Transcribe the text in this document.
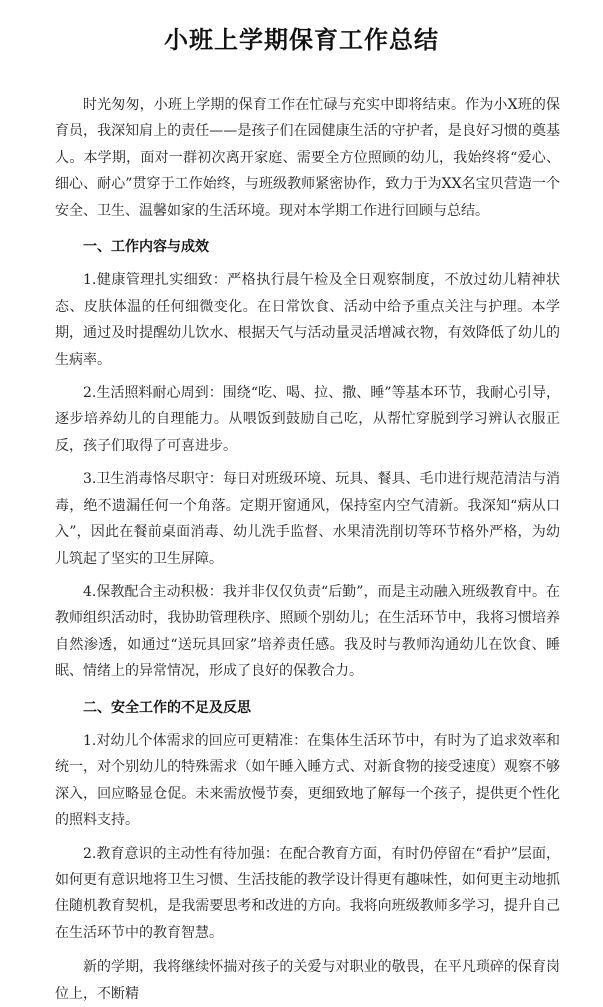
小班上学期保育工作总结

时光匆匆，小班上学期的保育工作在忙碌与充实中即将结束。作为小X班的保育员，我深知肩上的责任——是孩子们在园健康生活的守护者，是良好习惯的奠基人。本学期，面对一群初次离开家庭、需要全方位照顾的幼儿，我始终将“爱心、细心、耐心”贯穿于工作始终，与班级教师紧密协作，致力于为XX名宝贝营造一个安全、卫生、温馨如家的生活环境。现对本学期工作进行回顾与总结。

一、工作内容与成效

1.健康管理扎实细致：严格执行晨午检及全日观察制度，不放过幼儿精神状态、皮肤体温的任何细微变化。在日常饮食、活动中给予重点关注与护理。本学期，通过及时提醒幼儿饮水、根据天气与活动量灵活增减衣物，有效降低了幼儿的生病率。

2.生活照料耐心周到：围绕“吃、喝、拉、撒、睡”等基本环节，我耐心引导，逐步培养幼儿的自理能力。从喂饭到鼓励自己吃，从帮忙穿脱到学习辨认衣服正反，孩子们取得了可喜进步。

3.卫生消毒恪尽职守：每日对班级环境、玩具、餐具、毛巾进行规范清洁与消毒，绝不遗漏任何一个角落。定期开窗通风，保持室内空气清新。我深知“病从口入”，因此在餐前桌面消毒、幼儿洗手监督、水果清洗削切等环节格外严格，为幼儿筑起了坚实的卫生屏障。

4.保教配合主动积极：我并非仅仅负责“后勤”，而是主动融入班级教育中。在教师组织活动时，我协助管理秩序、照顾个别幼儿；在生活环节中，我将习惯培养自然渗透，如通过“送玩具回家”培养责任感。我及时与教师沟通幼儿在饮食、睡眠、情绪上的异常情况，形成了良好的保教合力。

二、安全工作的不足及反思

1.对幼儿个体需求的回应可更精准：在集体生活环节中，有时为了追求效率和统一，对个别幼儿的特殊需求（如午睡入睡方式、对新食物的接受速度）观察不够深入，回应略显仓促。未来需放慢节奏，更细致地了解每一个孩子，提供更个性化的照料支持。

2.教育意识的主动性有待加强：在配合教育方面，有时仍停留在“看护”层面，如何更有意识地将卫生习惯、生活技能的教学设计得更有趣味性，如何更主动地抓住随机教育契机，是我需要思考和改进的方向。我将向班级教师多学习，提升自己在生活环节中的教育智慧。

新的学期，我将继续怀揣对孩子的关爱与对职业的敬畏，在平凡琐碎的保育岗位上，不断精
